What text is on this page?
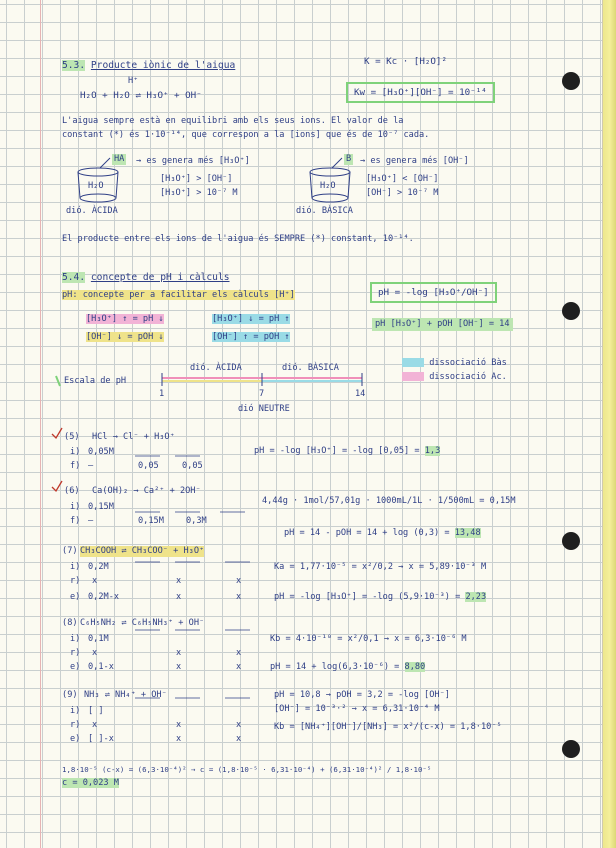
5.3. Producte iònic de l'aigua	K = Kc · [H₂O]²
H⁺
H₂O + H₂O ⇌ H₃O⁺ + OH⁻	Kw = [H₃O⁺][OH⁻] = 10⁻¹⁴
L'aigua sempre està en equilibri amb els seus ions. El valor de la
constant (*) és 1·10⁻¹⁴, que correspon a la [ions] que és de 10⁻⁷ cada.
HA → es genera més [H₃O⁺]
[H₃O⁺] > [OH⁻]
[H₃O⁺] > 10⁻⁷ M
H₂O
dió. ÀCIDA
B → es genera més [OH⁻]
[H₃O⁺] < [OH⁻]
[OH⁻] > 10⁻⁷ M
H₂O
dió. BÀSICA
El producte entre els ions de l'aigua és SEMPRE (*) constant, 10⁻¹⁴.
5.4. concepte de pH i càlculs
pH: concepte per a facilitar els càlculs [H⁺]	pH = -log [H₃O⁺/OH⁻]
[H₃O⁺] ↑ = pH ↓	[H₃O⁺] ↓ = pH ↑
[OH⁻] ↓ = pOH ↓	[OH⁻] ↑ = pOH ↑
pH [H₃O⁺] + pOH [OH⁻] = 14
Escala de pH
dió. ÀCIDA	dió. BÀSICA
1	7	14
dió NEUTRE
dissociació Bàs
dissociació Ac.
(5) HCl → Cl⁻ + H₃O⁺
i) 0,05M
f) —	0,05	0,05
pH = -log [H₃O⁺] = -log [0,05] = 1,3
(6) Ca(OH)₂ → Ca²⁺ + 2OH⁻
i) 0,15M
f) —	0,15M	0,3M
4,44g · 1mol/57,01g · 1000mL/1L · 1/500mL = 0,15M
pH = 14 - pOH = 14 + log (0,3) = 13,48
(7) CH₃COOH ⇌ CH₃COO⁻ + H₃O⁺
i) 0,2M
r) x	x	x
e) 0,2M-x	x	x
Ka = 1,77·10⁻⁵ = x²/0,2 → x = 5,89·10⁻³ M
pH = -log [H₃O⁺] = -log (5,9·10⁻³) = 2,23
(8) C₆H₅NH₂ ⇌ C₆H₅NH₃⁺ + OH⁻
i) 0,1M
r) x	x	x
e) 0,1-x	x	x
Kb = 4·10⁻¹⁰ = x²/0,1 → x = 6,3·10⁻⁶ M
pH = 14 + log(6,3·10⁻⁶) = 8,80
(9) NH₃ ⇌ NH₄⁺ + OH⁻
i) [ ]
r) x	x	x
e) [ ]-x	x	x
pH = 10,8 → pOH = 3,2 = -log [OH⁻]
[OH⁻] = 10⁻³·² → x = 6,31·10⁻⁴ M
Kb = [NH₄⁺][OH⁻]/[NH₃] = x²/(c-x) = 1,8·10⁻⁵
1,8·10⁻⁵ (c-x) = (6,3·10⁻⁴)² → c = (1,8·10⁻⁵ · 6,31·10⁻⁴) + (6,31·10⁻⁴)² / 1,8·10⁻⁵
c = 0,023 M
